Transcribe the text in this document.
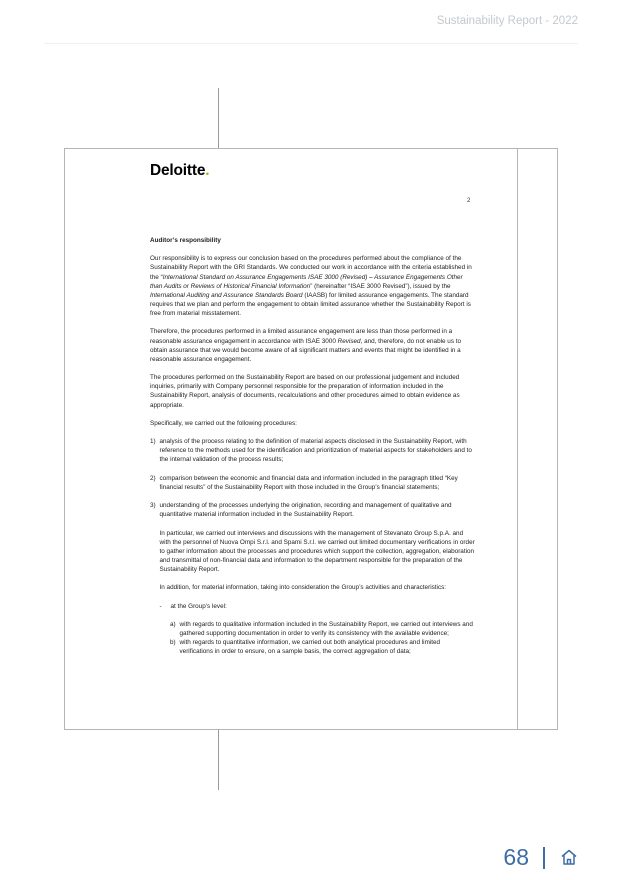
Sustainability Report - 2022
Deloitte.
2
Auditor’s responsibility

Our responsibility is to express our conclusion based on the procedures performed about the compliance of the Sustainability Report with the GRI Standards. We conducted our work in accordance with the criteria established in the “International Standard on Assurance Engagements ISAE 3000 (Revised) – Assurance Engagements Other than Audits or Reviews of Historical Financial Information” (hereinafter “ISAE 3000 Revised”), issued by the International Auditing and Assurance Standards Board (IAASB) for limited assurance engagements. The standard requires that we plan and perform the engagement to obtain limited assurance whether the Sustainability Report is free from material misstatement.

Therefore, the procedures performed in a limited assurance engagement are less than those performed in a reasonable assurance engagement in accordance with ISAE 3000 Revised, and, therefore, do not enable us to obtain assurance that we would become aware of all significant matters and events that might be identified in a reasonable assurance engagement.

The procedures performed on the Sustainability Report are based on our professional judgement and included inquiries, primarily with Company personnel responsible for the preparation of information included in the Sustainability Report, analysis of documents, recalculations and other procedures aimed to obtain evidence as appropriate.

Specifically, we carried out the following procedures:

1) analysis of the process relating to the definition of material aspects disclosed in the Sustainability Report, with reference to the methods used for the identification and prioritization of material aspects for stakeholders and to the internal validation of the process results;
2) comparison between the economic and financial data and information included in the paragraph titled “Key financial results” of the Sustainability Report with those included in the Group’s financial statements;
3) understanding of the processes underlying the origination, recording and management of qualitative and quantitative material information included in the Sustainability Report.

In particular, we carried out interviews and discussions with the management of Stevanato Group S.p.A. and with the personnel of Nuova Ompi S.r.l. and Spami S.r.l. we carried out limited documentary verifications in order to gather information about the processes and procedures which support the collection, aggregation, elaboration and transmittal of non-financial data and information to the department responsible for the preparation of the Sustainability Report.

In addition, for material information, taking into consideration the Group’s activities and characteristics:

-	at the Group’s level:
a) with regards to qualitative information included in the Sustainability Report, we carried out interviews and gathered supporting documentation in order to verify its consistency with the available evidence;
b) with regards to quantitative information, we carried out both analytical procedures and limited verifications in order to ensure, on a sample basis, the correct aggregation of data;
68
